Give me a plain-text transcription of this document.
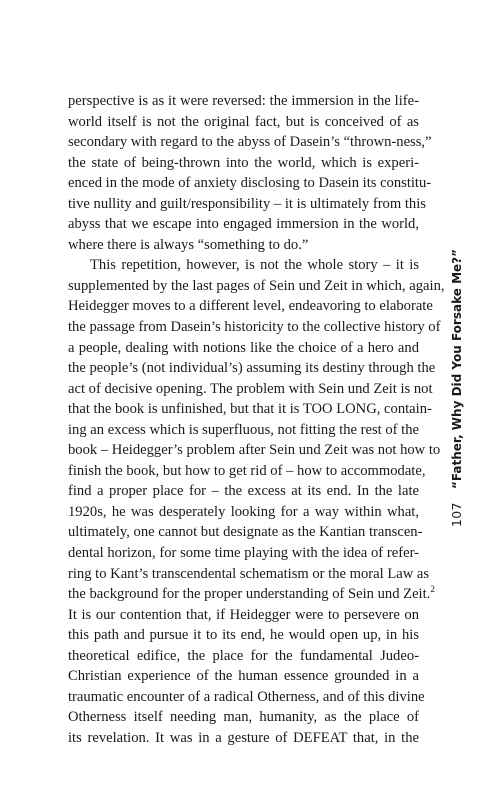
perspective is as it were reversed: the immersion in the life-
world itself is not the original fact, but is conceived of as
secondary with regard to the abyss of Dasein’s “thrown-ness,”
the state of being-thrown into the world, which is experi-
enced in the mode of anxiety disclosing to Dasein its constitu-
tive nullity and guilt/responsibility – it is ultimately from this
abyss that we escape into engaged immersion in the world,
where there is always “something to do.”

This repetition, however, is not the whole story – it is
supplemented by the last pages of Sein und Zeit in which, again,
Heidegger moves to a different level, endeavoring to elaborate
the passage from Dasein’s historicity to the collective history of
a people, dealing with notions like the choice of a hero and
the people’s (not individual’s) assuming its destiny through the
act of decisive opening. The problem with Sein und Zeit is not
that the book is unfinished, but that it is TOO LONG, contain-
ing an excess which is superfluous, not fitting the rest of the
book – Heidegger’s problem after Sein und Zeit was not how to
finish the book, but how to get rid of – how to accommodate,
find a proper place for – the excess at its end. In the late
1920s, he was desperately looking for a way within what,
ultimately, one cannot but designate as the Kantian transcen-
dental horizon, for some time playing with the idea of refer-
ring to Kant’s transcendental schematism or the moral Law as
the background for the proper understanding of Sein und Zeit.$^2$
It is our contention that, if Heidegger were to persevere on
this path and pursue it to its end, he would open up, in his
theoretical edifice, the place for the fundamental Judeo-
Christian experience of the human essence grounded in a
traumatic encounter of a radical Otherness, and of this divine
Otherness itself needing man, humanity, as the place of
its revelation. It was in a gesture of DEFEAT that, in the

107 “Father, Why Did You Forsake Me?”
